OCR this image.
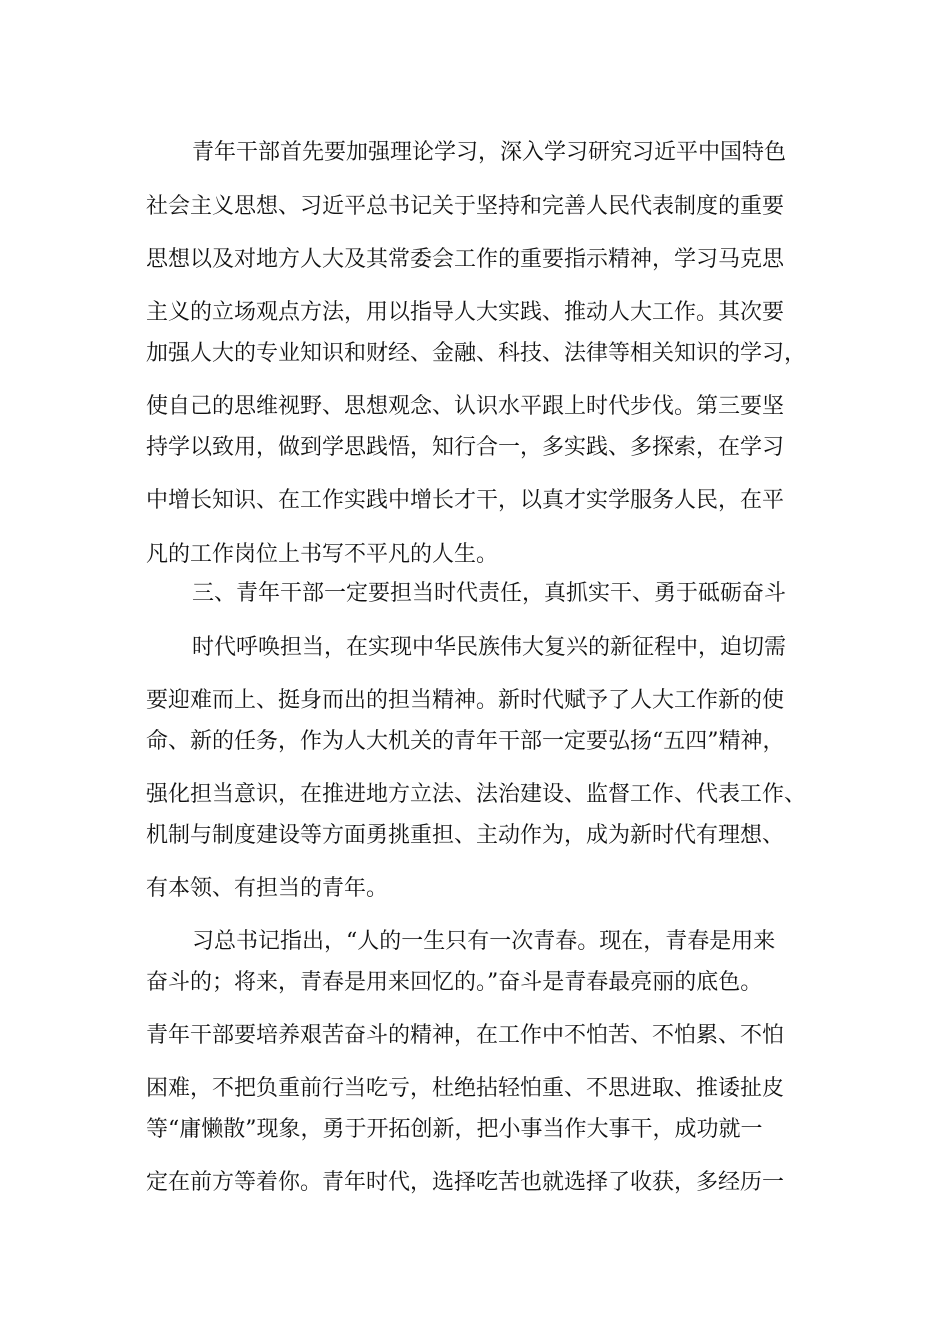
青年干部首先要加强理论学习，深入学习研究习近平中国特色
社会主义思想、习近平总书记关于坚持和完善人民代表制度的重要
思想以及对地方人大及其常委会工作的重要指示精神，学习马克思
主义的立场观点方法，用以指导人大实践、推动人大工作。其次要
加强人大的专业知识和财经、金融、科技、法律等相关知识的学习，
使自己的思维视野、思想观念、认识水平跟上时代步伐。第三要坚
持学以致用，做到学思践悟，知行合一，多实践、多探索，在学习
中增长知识、在工作实践中增长才干，以真才实学服务人民，在平
凡的工作岗位上书写不平凡的人生。
三、青年干部一定要担当时代责任，真抓实干、勇于砥砺奋斗
时代呼唤担当，在实现中华民族伟大复兴的新征程中，迫切需
要迎难而上、挺身而出的担当精神。新时代赋予了人大工作新的使
命、新的任务，作为人大机关的青年干部一定要弘扬“五四”精神，
强化担当意识，在推进地方立法、法治建设、监督工作、代表工作、
机制与制度建设等方面勇挑重担、主动作为，成为新时代有理想、
有本领、有担当的青年。
习总书记指出，“人的一生只有一次青春。现在，青春是用来
奋斗的；将来，青春是用来回忆的。”奋斗是青春最亮丽的底色。
青年干部要培养艰苦奋斗的精神，在工作中不怕苦、不怕累、不怕
困难，不把负重前行当吃亏，杜绝拈轻怕重、不思进取、推诿扯皮
等“庸懒散”现象，勇于开拓创新，把小事当作大事干，成功就一
定在前方等着你。青年时代，选择吃苦也就选择了收获，多经历一
